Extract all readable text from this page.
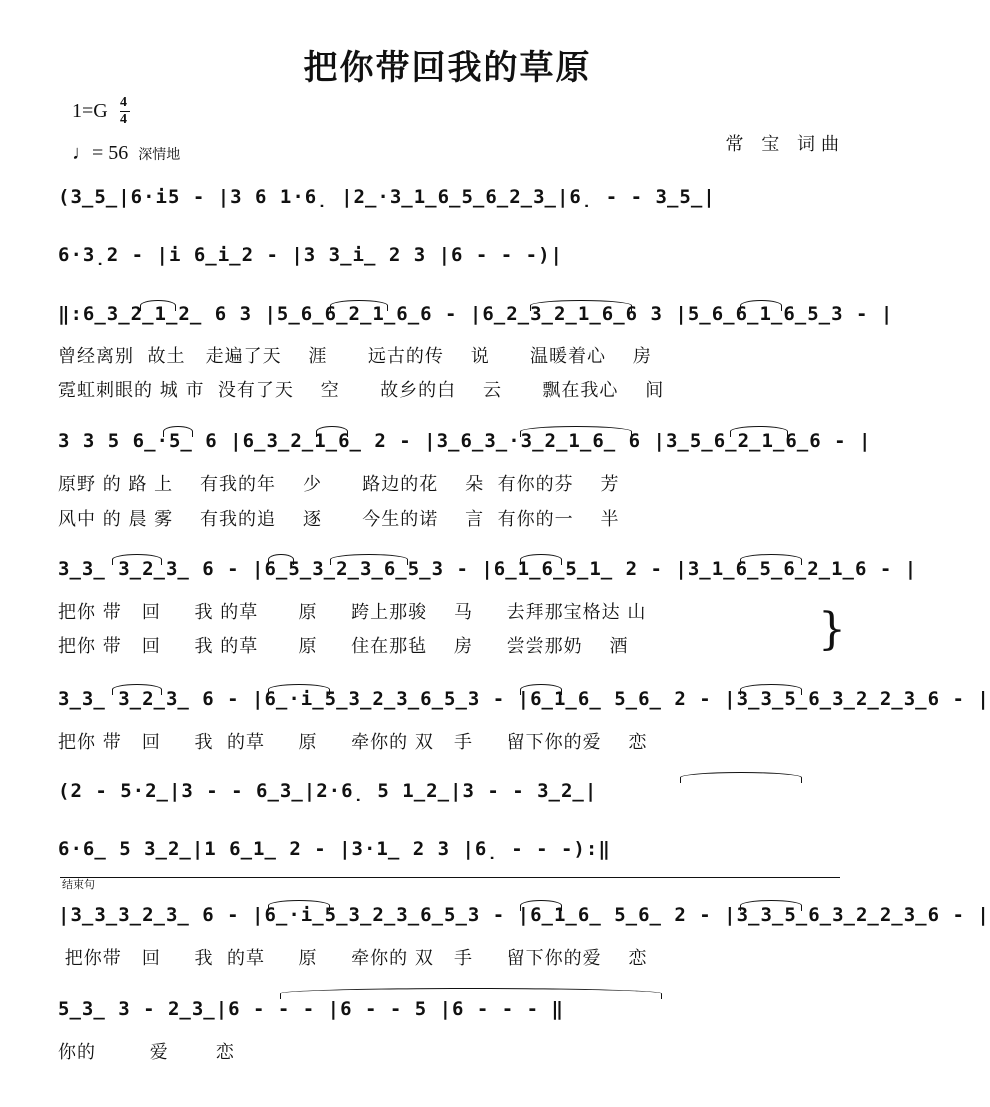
把你带回我的草原
1=G 4
4
♩= 56 深情地	常 宝 词曲
(3̲5̲|6·i5 - |3 6 1·6̣ |2̲·3̲1̲6̲5̲6̲2̲3̲|6̣ - - 3̲5̲|
6·3̣2 - |i 6̲i̲2 - |3 3̲i̲ 2 3 |6 - - -)|
‖:6̲3̲2̲1̲2̲ 6 3 |5̲6̲6̲2̲1̲6̲6 - |6̲2̲3̲2̲1̲6̲6 3 |5̲6̲6̲1̲6̲5̲3 - |
曾经离别  故土   走遍了天    涯      远古的传    说      温暖着心    房
霓虹刺眼的 城 市  没有了天    空      故乡的白    云      飘在我心    间
3 3 5 6̲·5̲ 6 |6̲3̲2̲1̲6̲ 2 - |3̲6̲3̲·3̲2̲1̲6̲ 6 |3̲5̲6̲2̲1̲6̲6 - |
原野 的 路 上    有我的年    少      路边的花    朵  有你的芬    芳
风中 的 晨 雾    有我的追    逐      今生的诺    言  有你的一    半
3̲3̲ 3̲2̲3̲ 6 - |6̲5̲3̲2̲3̲6̲5̲3 - |6̲1̲6̲5̲1̲ 2 - |3̲1̲6̲5̲6̲2̲1̲6 - |
把你 带   回     我 的草      原     跨上那骏    马     去拜那宝格达 山
把你 带   回     我 的草      原     住在那毡    房     尝尝那奶    酒	}
3̲3̲ 3̲2̲3̲ 6 - |6̲·i̲5̲3̲2̲3̲6̲5̲3 - |6̲1̲6̲ 5̲6̲ 2 - |3̲3̲5̲6̲3̲2̲2̲3̲6 - |
把你 带   回     我  的草     原     牵你的 双   手     留下你的爱    恋
(2 - 5·2̲|3 - - 6̲3̲|2·6̣ 5 1̲2̲|3 - - 3̲2̲|
6·6̲ 5 3̲2̲|1 6̲1̲ 2 - |3·1̲ 2 3 |6̣ - - -):‖
结束句
|3̲3̲3̲2̲3̲ 6 - |6̲·i̲5̲3̲2̲3̲6̲5̲3 - |6̲1̲6̲ 5̲6̲ 2 - |3̲3̲5̲6̲3̲2̲2̲3̲6 - |
把你带   回     我  的草     原     牵你的 双   手     留下你的爱    恋
5̲3̲ 3 - 2̲3̲|6 - - - |6 - - 5 |6 - - - ‖
你的        爱       恋
